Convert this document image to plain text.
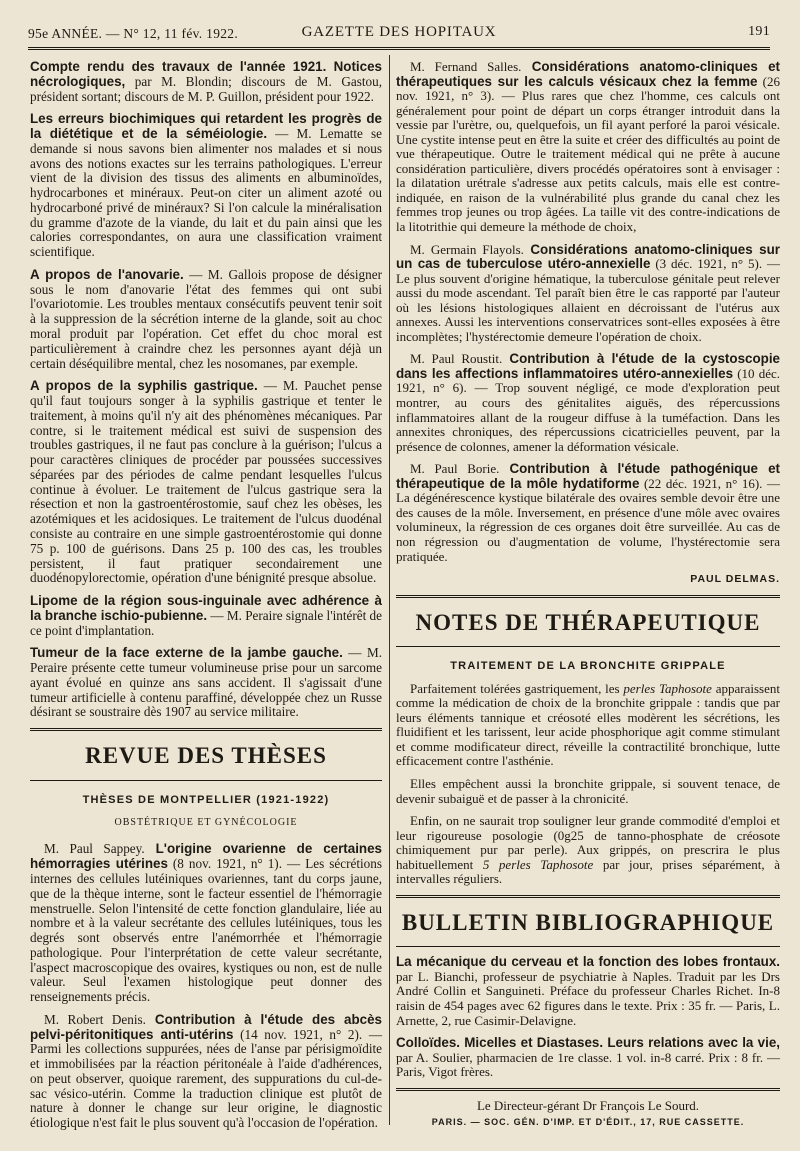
95e ANNÉE. — N° 12, 11 fév. 1922.	GAZETTE DES HOPITAUX	191

Compte rendu des travaux de l'année 1921. Notices nécrologiques, par M. Blondin; discours de M. Gastou, président sortant; discours de M. P. Guillon, président pour 1922.

Les erreurs biochimiques qui retardent les progrès de la diététique et de la séméiologie. — M. Lematte se demande si nous savons bien alimenter nos malades et si nous avons des notions exactes sur les terrains pathologiques. L'erreur vient de la division des tissus des aliments en albuminoïdes, hydrocarbones et minéraux. Peut-on citer un aliment azoté ou hydrocarboné privé de minéraux? Si l'on calcule la minéralisation du gramme d'azote de la viande, du lait et du pain ainsi que les calories correspondantes, on aura une classification vraiment scientifique.

A propos de l'anovarie. — M. Gallois propose de désigner sous le nom d'anovarie l'état des femmes qui ont subi l'ovariotomie. Les troubles mentaux consécutifs peuvent tenir soit à la suppression de la sécrétion interne de la glande, soit au choc moral produit par l'opération. Cet effet du choc moral est particulièrement à craindre chez les personnes ayant déjà un certain déséquilibre mental, chez les nosomanes, par exemple.

A propos de la syphilis gastrique. — M. Pauchet pense qu'il faut toujours songer à la syphilis gastrique et tenter le traitement, à moins qu'il n'y ait des phénomènes mécaniques. Par contre, si le traitement médical est suivi de suspension des troubles gastriques, il ne faut pas conclure à la guérison; l'ulcus a pour caractères cliniques de procéder par poussées successives séparées par des périodes de calme pendant lesquelles l'ulcus continue à évoluer. Le traitement de l'ulcus gastrique sera la résection et non la gastroentérostomie, sauf chez les obèses, les azotémiques et les acidosiques. Le traitement de l'ulcus duodénal consiste au contraire en une simple gastroentérostomie qui donne 75 p. 100 de guérisons. Dans 25 p. 100 des cas, les troubles persistent, il faut pratiquer secondairement une duodénopylorectomie, opération d'une bénignité presque absolue.

Lipome de la région sous-inguinale avec adhérence à la branche ischio-pubienne. — M. Peraire signale l'intérêt de ce point d'implantation.

Tumeur de la face externe de la jambe gauche. — M. Peraire présente cette tumeur volumineuse prise pour un sarcome ayant évolué en quinze ans sans accident. Il s'agissait d'une tumeur artificielle à contenu paraffiné, développée chez un Russe désirant se soustraire dès 1907 au service militaire.

REVUE DES THÈSES
THÈSES DE MONTPELLIER (1921-1922)
OBSTÉTRIQUE ET GYNÉCOLOGIE

M. Paul Sappey. L'origine ovarienne de certaines hémorragies utérines (8 nov. 1921, n° 1). — Les sécrétions internes des cellules lutéiniques ovariennes, tant du corps jaune, que de la thèque interne, sont le facteur essentiel de l'hémorragie menstruelle. Selon l'intensité de cette fonction glandulaire, liée au nombre et à la valeur secrétante des cellules lutéiniques, tous les degrés sont observés entre l'anémorrhée et l'hémorragie pathologique. Pour l'interprétation de cette valeur secrétante, l'aspect macroscopique des ovaires, kystiques ou non, est de nulle valeur. Seul l'examen histologique peut donner des renseignements précis.

M. Robert Denis. Contribution à l'étude des abcès pelvi-péritonitiques anti-utérins (14 nov. 1921, n° 2). — Parmi les collections suppurées, nées de l'anse par périsigmoïdite et immobilisées par la réaction péritonéale à l'aide d'adhérences, on peut observer, quoique rarement, des suppurations du cul-de-sac vésico-utérin. Comme la traduction clinique est plutôt de nature à donner le change sur leur origine, le diagnostic étiologique n'est fait le plus souvent qu'à l'occasion de l'opération.

M. Fernand Salles. Considérations anatomo-cliniques et thérapeutiques sur les calculs vésicaux chez la femme (26 nov. 1921, n° 3). — Plus rares que chez l'homme, ces calculs ont généralement pour point de départ un corps étranger introduit dans la vessie par l'urètre, ou, quelquefois, un fil ayant perforé la paroi vésicale. Une cystite intense peut en être la suite et créer des difficultés au point de vue thérapeutique. Outre le traitement médical qui ne prête à aucune considération particulière, divers procédés opératoires sont à envisager : la dilatation urétrale s'adresse aux petits calculs, mais elle est contre-indiquée, en raison de la vulnérabilité plus grande du canal chez les femmes trop jeunes ou trop âgées. La taille vit des contre-indications de la litotrithie qui demeure la méthode de choix,

M. Germain Flayols. Considérations anatomo-cliniques sur un cas de tuberculose utéro-annexielle (3 déc. 1921, n° 5). — Le plus souvent d'origine hématique, la tuberculose génitale peut relever aussi du mode ascendant. Tel paraît bien être le cas rapporté par l'auteur où les lésions histologiques allaient en décroissant de l'utérus aux annexes. Aussi les interventions conservatrices sont-elles exposées à être incomplètes; l'hystérectomie demeure l'opération de choix.

M. Paul Roustit. Contribution à l'étude de la cystoscopie dans les affections inflammatoires utéro-annexielles (10 déc. 1921, n° 6). — Trop souvent négligé, ce mode d'exploration peut montrer, au cours des génitalites aiguës, des répercussions inflammatoires allant de la rougeur diffuse à la tuméfaction. Dans les annexites chroniques, des répercussions cicatricielles peuvent, par la présence de colonnes, amener la déformation vésicale.

M. Paul Borie. Contribution à l'étude pathogénique et thérapeutique de la môle hydatiforme (22 déc. 1921, n° 16). — La dégénérescence kystique bilatérale des ovaires semble devoir être une des causes de la môle. Inversement, en présence d'une môle avec ovaires volumineux, la régression de ces organes doit être surveillée. Au cas de non régression ou d'augmentation de volume, l'hystérectomie sera pratiquée.

PAUL DELMAS.
NOTES DE THÉRAPEUTIQUE
TRAITEMENT DE LA BRONCHITE GRIPPALE

Parfaitement tolérées gastriquement, les perles Taphosote apparaissent comme la médication de choix de la bronchite grippale : tandis que par leurs éléments tannique et créosoté elles modèrent les sécrétions, les fluidifient et les tarissent, leur acide phosphorique agit comme stimulant et comme modificateur direct, réveille la contractilité bronchique, lutte efficacement contre l'asthénie.

Elles empêchent aussi la bronchite grippale, si souvent tenace, de devenir subaiguë et de passer à la chronicité.

Enfin, on ne saurait trop souligner leur grande commodité d'emploi et leur rigoureuse posologie (0g25 de tanno-phosphate de créosote chimiquement pur par perle). Aux grippés, on prescrira le plus habituellement 5 perles Taphosote par jour, prises séparément, à intervalles réguliers.

BULLETIN BIBLIOGRAPHIQUE

La mécanique du cerveau et la fonction des lobes frontaux. par L. Bianchi, professeur de psychiatrie à Naples. Traduit par les Drs André Collin et Sanguineti. Préface du professeur Charles Richet. In-8 raisin de 454 pages avec 62 figures dans le texte. Prix : 35 fr. — Paris, L. Arnette, 2, rue Casimir-Delavigne.

Colloïdes. Micelles et Diastases. Leurs relations avec la vie, par A. Soulier, pharmacien de 1re classe. 1 vol. in-8 carré. Prix : 8 fr. — Paris, Vigot frères.

Le Directeur-gérant Dr François Le Sourd.
PARIS. — SOC. GÉN. D'IMP. ET D'ÉDIT., 17, RUE CASSETTE.
